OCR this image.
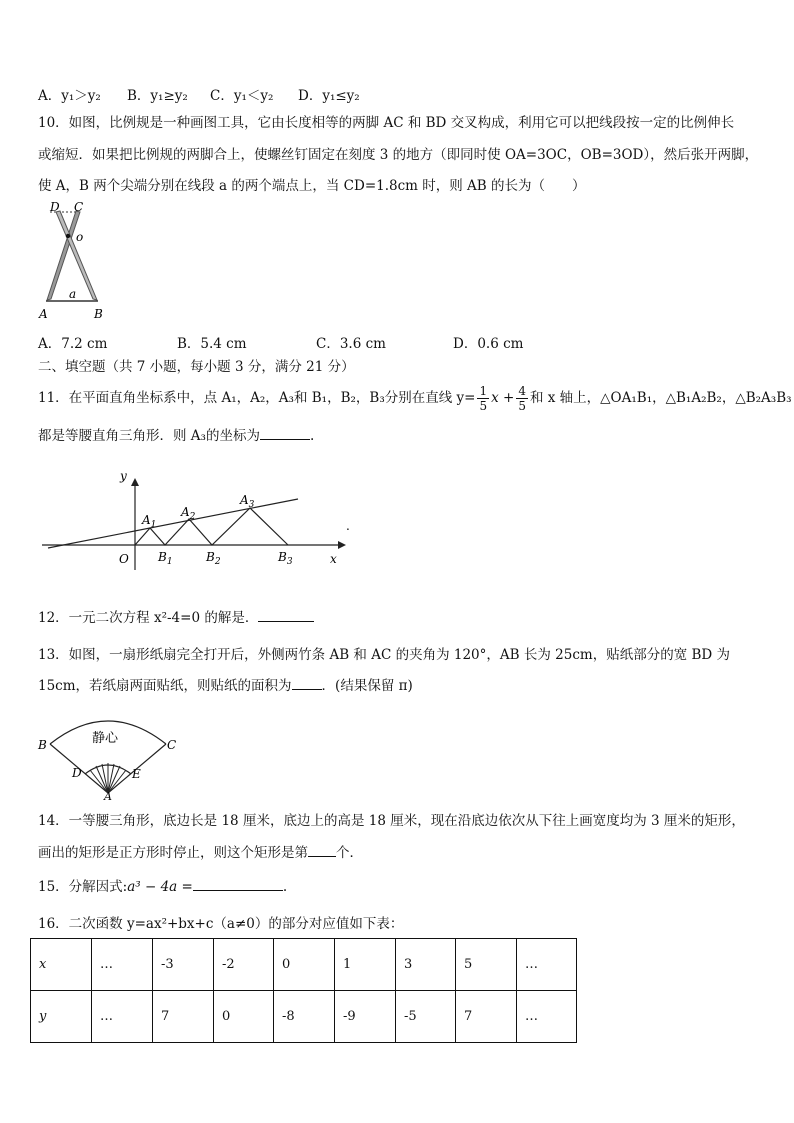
A．y₁＞y₂ B．y₁≥y₂ C．y₁＜y₂ D．y₁≤y₂
10．如图，比例规是一种画图工具，它由长度相等的两脚 AC 和 BD 交叉构成，利用它可以把线段按一定的比例伸长
或缩短．如果把比例规的两脚合上，使螺丝钉固定在刻度 3 的地方（即同时使 OA=3OC，OB=3OD），然后张开两脚，
使 A，B 两个尖端分别在线段 a 的两个端点上，当 CD=1.8cm 时，则 AB 的长为（　　）
D C
o
a
A	B
A．7.2 cm	B．5.4 cm	C．3.6 cm	D．0.6 cm
二、填空题（共 7 小题，每小题 3 分，满分 21 分）
11．在平面直角坐标系中，点 A₁，A₂，A₃和 B₁，B₂，B₃分别在直线 $y= \frac{1}{5}$ $x + \frac{4}{5}$ 和 x 轴上，△OA₁B₁，△B₁A₂B₂，△B₂A₃B₃
都是等腰直角三角形．则 A₃的坐标为	.
y
x
O
$A_1$
$A_2$
$A_3$
$B_1$	$B_2$	$B_3$
.
12．一元二次方程 x²-4=0 的解是．
13．如图，一扇形纸扇完全打开后，外侧两竹条 AB 和 AC 的夹角为 120°，AB 长为 25cm，贴纸部分的宽 BD 为
15cm，若纸扇两面贴纸，则贴纸的面积为 ．(结果保留 π)
静心
B	C
D	E
A
14．一等腰三角形，底边长是 18 厘米，底边上的高是 18 厘米，现在沿底边依次从下往上画宽度均为 3 厘米的矩形，
画出的矩形是正方形时停止，则这个矩形是第 个．
15．分解因式:a³ − 4a =	.
16．二次函数 y=ax²+bx+c（a≠0）的部分对应值如下表：
x	…	-3	-2	0	1	3	5	…
y	…	7	0	-8	-9	-5	7	…
